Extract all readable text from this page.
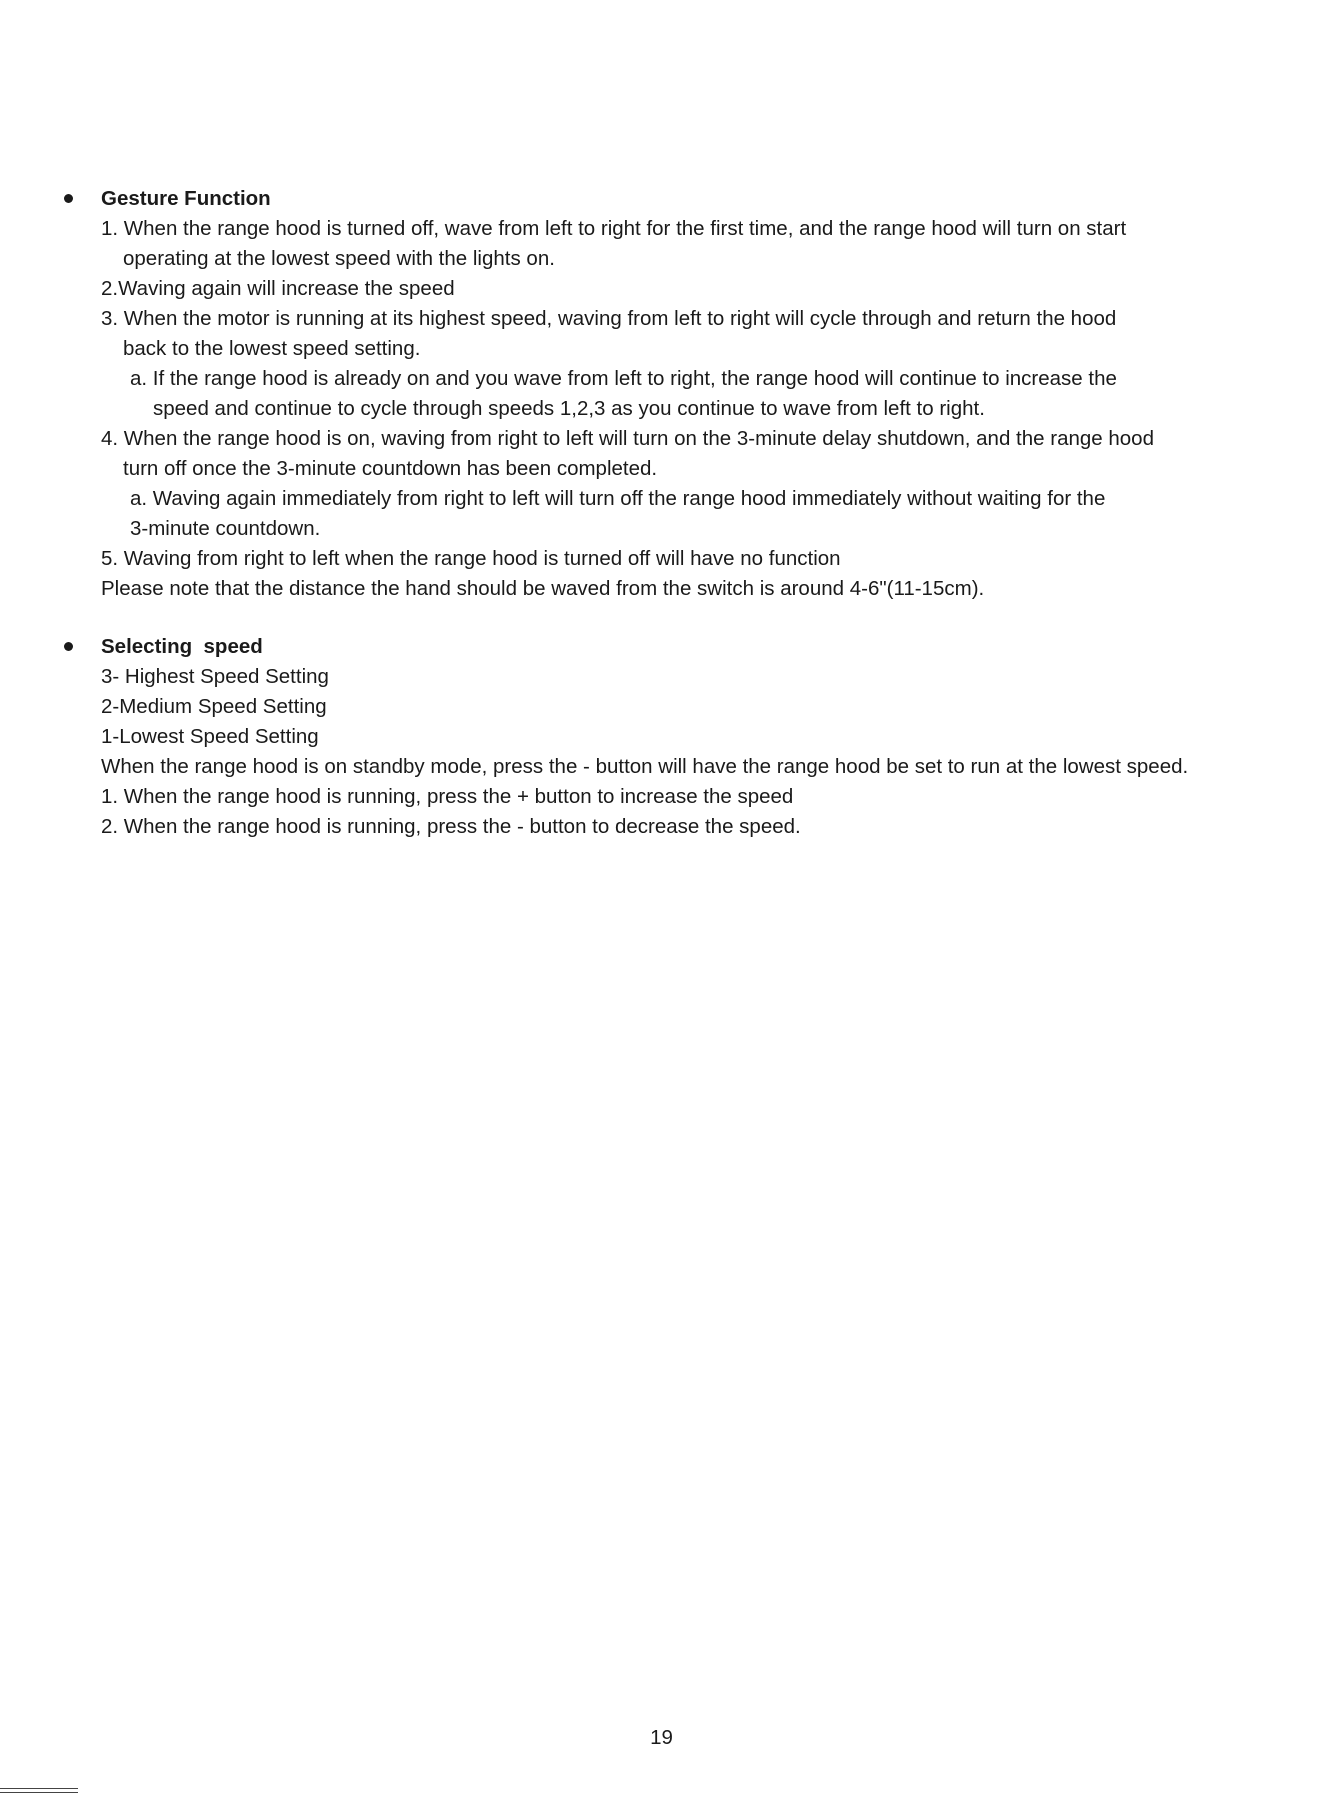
Gesture Function
1. When the range hood is turned off, wave from left to right for the first time, and the range hood will turn on start
operating at the lowest speed with the lights on.
2.Waving again will increase the speed
3. When the motor is running at its highest speed, waving from left to right will cycle through and return the hood
back to the lowest speed setting.
a. If the range hood is already on and you wave from left to right, the range hood will continue to increase the
speed and continue to cycle through speeds 1,2,3 as you continue to wave from left to right.
4. When the range hood is on, waving from right to left will turn on the 3-minute delay shutdown, and the range hood
turn off once the 3-minute countdown has been completed.
a. Waving again immediately from right to left will turn off the range hood immediately without waiting for the
3-minute countdown.
5. Waving from right to left when the range hood is turned off will have no function
Please note that the distance the hand should be waved from the switch is around 4-6"(11-15cm).
Selecting  speed
3- Highest Speed Setting
2-Medium Speed Setting
1-Lowest Speed Setting
When the range hood is on standby mode, press the - button will have the range hood be set to run at the lowest speed.
1. When the range hood is running, press the + button to increase the speed
2. When the range hood is running, press the - button to decrease the speed.
19
